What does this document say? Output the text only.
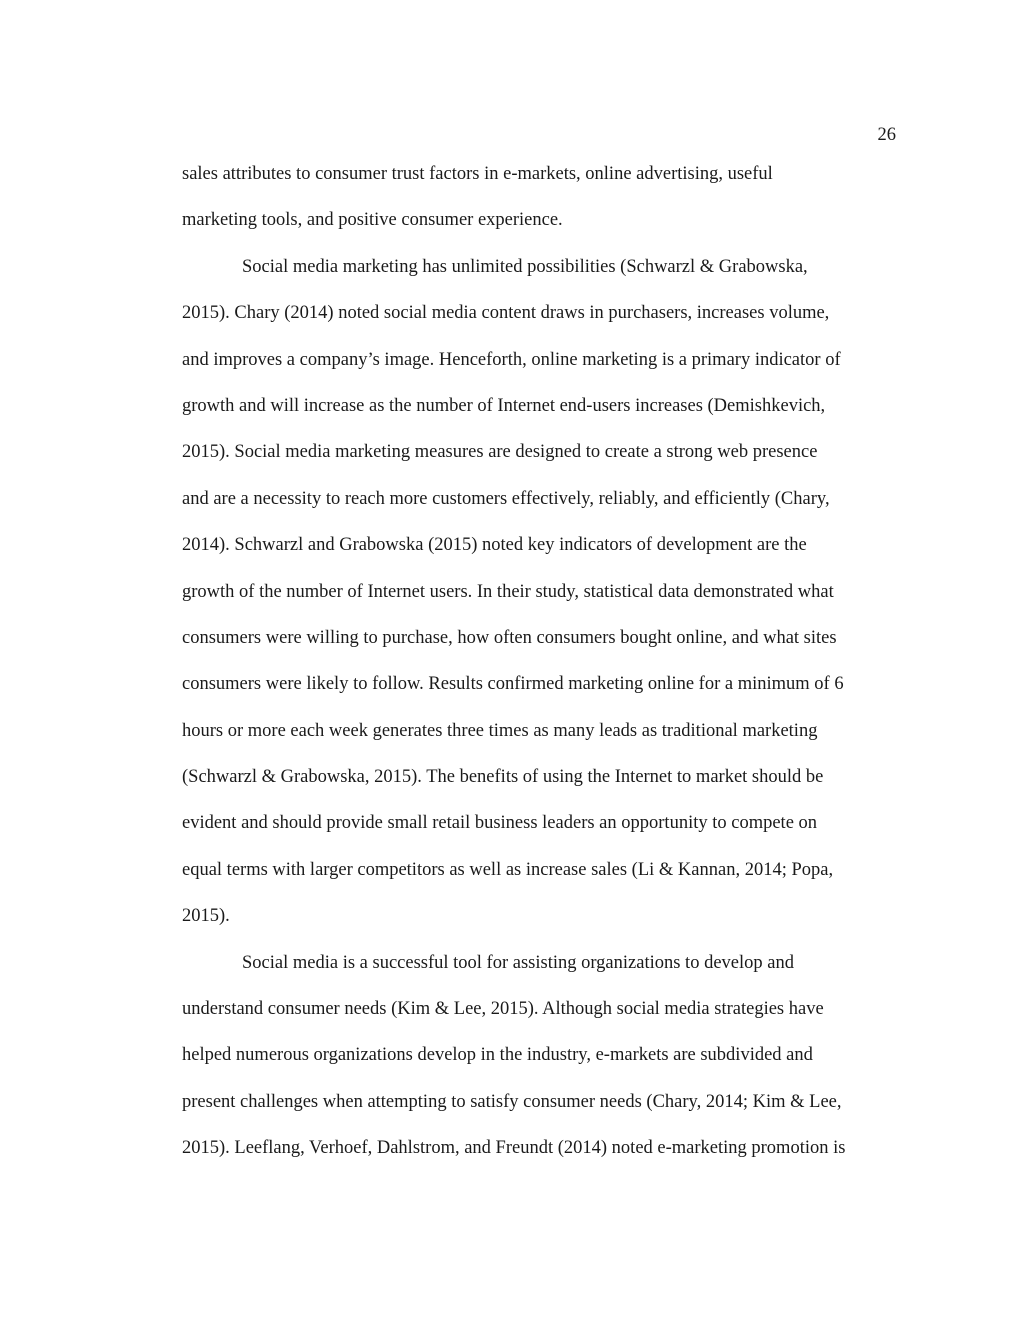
26
sales attributes to consumer trust factors in e-markets, online advertising, useful
marketing tools, and positive consumer experience.
Social media marketing has unlimited possibilities (Schwarzl & Grabowska,
2015). Chary (2014) noted social media content draws in purchasers, increases volume,
and improves a company’s image. Henceforth, online marketing is a primary indicator of
growth and will increase as the number of Internet end-users increases (Demishkevich,
2015). Social media marketing measures are designed to create a strong web presence
and are a necessity to reach more customers effectively, reliably, and efficiently (Chary,
2014). Schwarzl and Grabowska (2015) noted key indicators of development are the
growth of the number of Internet users. In their study, statistical data demonstrated what
consumers were willing to purchase, how often consumers bought online, and what sites
consumers were likely to follow. Results confirmed marketing online for a minimum of 6
hours or more each week generates three times as many leads as traditional marketing
(Schwarzl & Grabowska, 2015). The benefits of using the Internet to market should be
evident and should provide small retail business leaders an opportunity to compete on
equal terms with larger competitors as well as increase sales (Li & Kannan, 2014; Popa,
2015).
Social media is a successful tool for assisting organizations to develop and
understand consumer needs (Kim & Lee, 2015). Although social media strategies have
helped numerous organizations develop in the industry, e-markets are subdivided and
present challenges when attempting to satisfy consumer needs (Chary, 2014; Kim & Lee,
2015). Leeflang, Verhoef, Dahlstrom, and Freundt (2014) noted e-marketing promotion is
